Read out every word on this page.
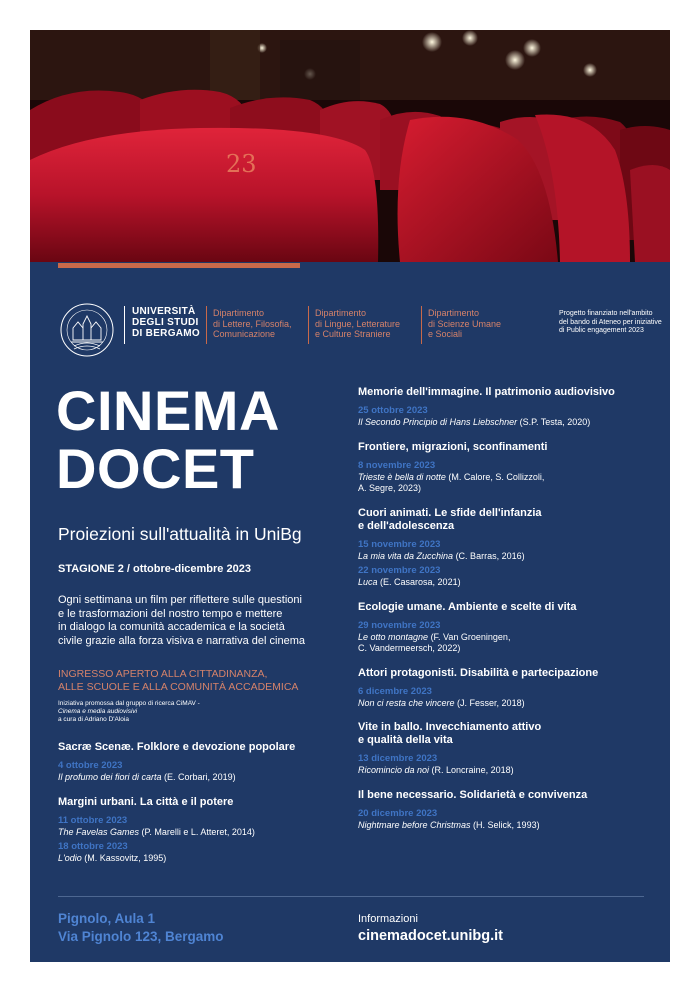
23
UNIVERSITÀ
DEGLI STUDI
DI BERGAMO
Dipartimento
di Lettere, Filosofia,
Comunicazione
Dipartimento
di Lingue, Letterature
e Culture Straniere
Dipartimento
di Scienze Umane
e Sociali
Progetto finanziato nell'ambito
del bando di Ateneo per iniziative
di Public engagement 2023
CINEMA
DOCET
Proiezioni sull'attualità in UniBg
STAGIONE 2 / ottobre-dicembre 2023
Ogni settimana un film per riflettere sulle questioni
e le trasformazioni del nostro tempo e mettere
in dialogo la comunità accademica e la società
civile grazie alla forza visiva e narrativa del cinema
INGRESSO APERTO ALLA CITTADINANZA,
ALLE SCUOLE E ALLA COMUNITÀ ACCADEMICA
Iniziativa promossa dal gruppo di ricerca CiMAV -
Cinema e media audiovisivi
a cura di Adriano D'Aloia
Sacræ Scenæ. Folklore e devozione popolare
4 ottobre 2023
Il profumo dei fiori di carta (E. Corbari, 2019)
Margini urbani. La città e il potere
11 ottobre 2023
The Favelas Games (P. Marelli e L. Atteret, 2014)
18 ottobre 2023
L'odio (M. Kassovitz, 1995)
Memorie dell'immagine. Il patrimonio audiovisivo
25 ottobre 2023
Il Secondo Principio di Hans Liebschner (S.P. Testa, 2020)
Frontiere, migrazioni, sconfinamenti
8 novembre 2023
Trieste è bella di notte (M. Calore, S. Collizzoli,
A. Segre, 2023)
Cuori animati. Le sfide dell'infanzia
e dell'adolescenza
15 novembre 2023
La mia vita da Zucchina (C. Barras, 2016)
22 novembre 2023
Luca (E. Casarosa, 2021)
Ecologie umane. Ambiente e scelte di vita
29 novembre 2023
Le otto montagne (F. Van Groeningen,
C. Vandermeersch, 2022)
Attori protagonisti. Disabilità e partecipazione
6 dicembre 2023
Non ci resta che vincere (J. Fesser, 2018)
Vite in ballo. Invecchiamento attivo
e qualità della vita
13 dicembre 2023
Ricomincio da noi (R. Loncraine, 2018)
Il bene necessario. Solidarietà e convivenza
20 dicembre 2023
Nightmare before Christmas (H. Selick, 1993)
Pignolo, Aula 1
Via Pignolo 123, Bergamo
Informazioni
cinemadocet.unibg.it
